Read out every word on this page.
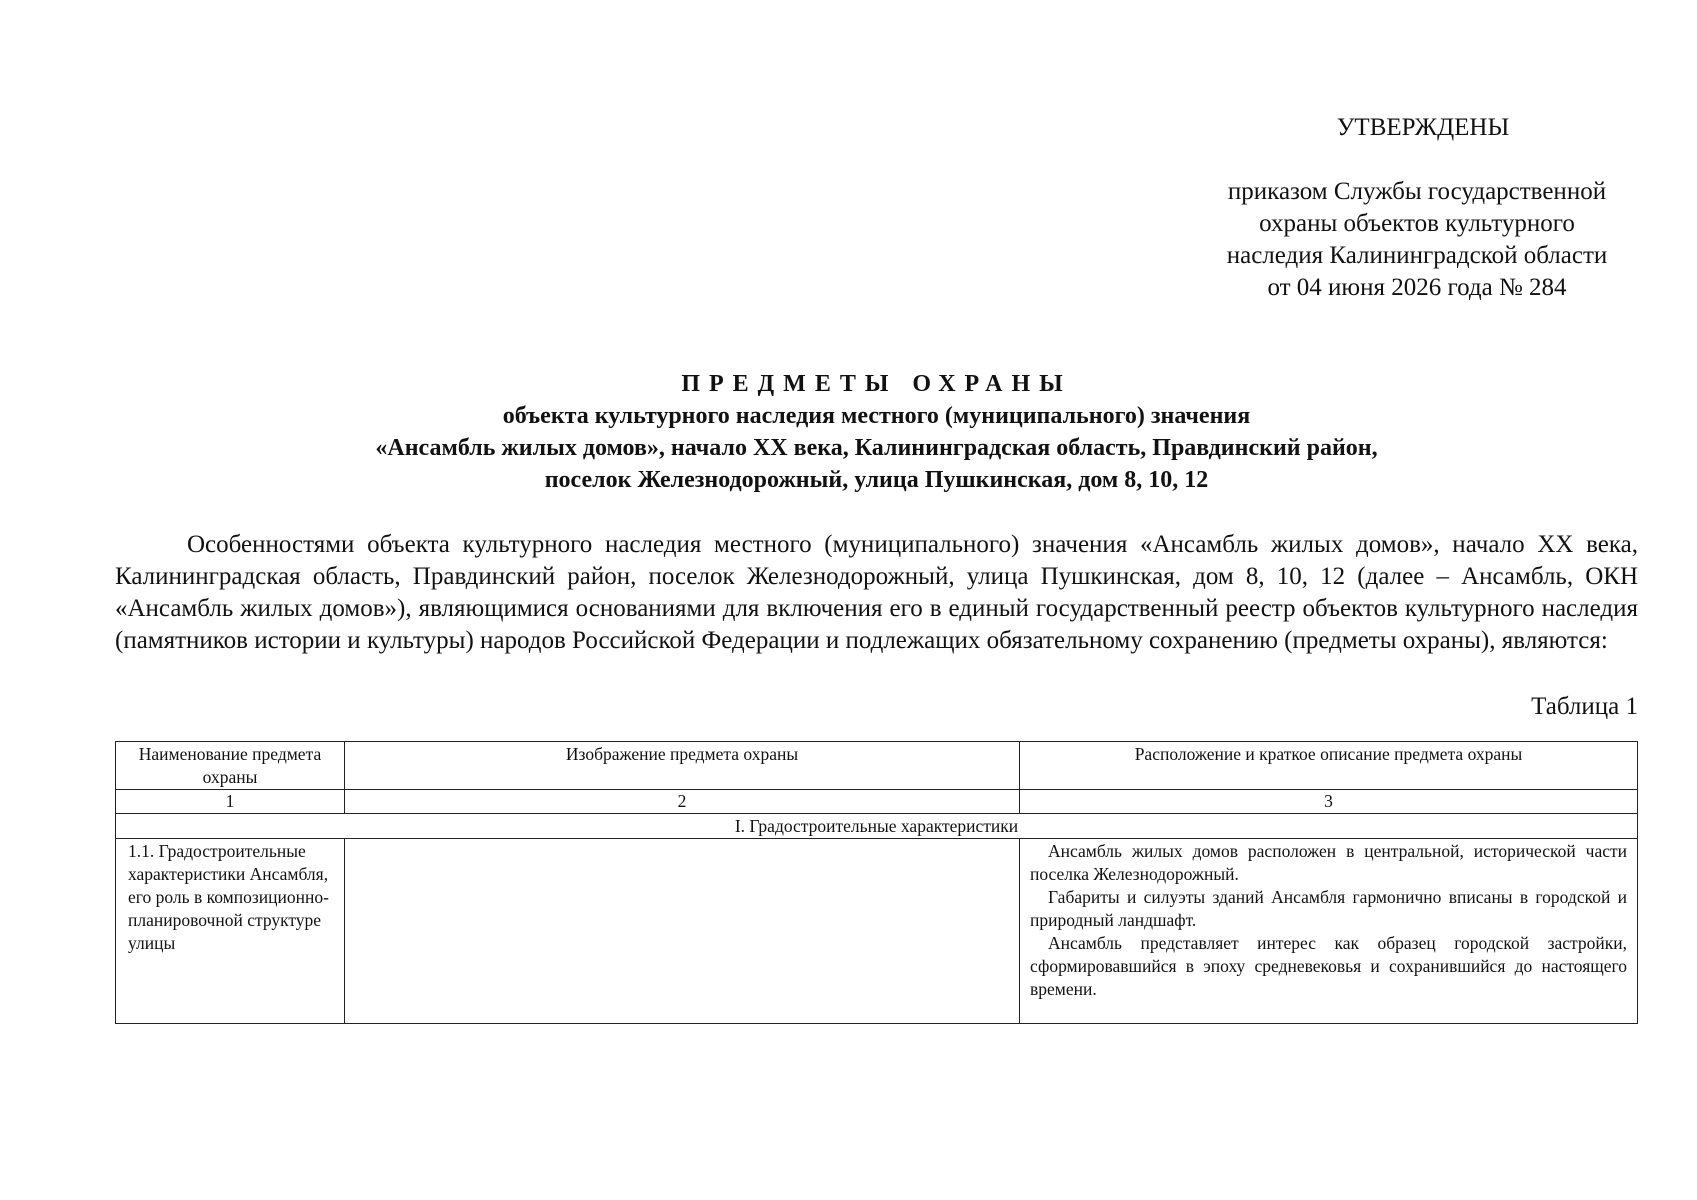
УТВЕРЖДЕНЫ
приказом Службы государственной
охраны объектов культурного
наследия Калининградской области
от 04 июня 2026 года № 284
ПРЕДМЕТЫ ОХРАНЫ
объекта культурного наследия местного (муниципального) значения
«Ансамбль жилых домов», начало XX века, Калининградская область, Правдинский район,
поселок Железнодорожный, улица Пушкинская, дом 8, 10, 12

Особенностями объекта культурного наследия местного (муниципального) значения «Ансамбль жилых домов», начало XX века, Калининградская область, Правдинский район, поселок Железнодорожный, улица Пушкинская, дом 8, 10, 12 (далее – Ансамбль, ОКН «Ансамбль жилых домов»), являющимися основаниями для включения его в единый государственный реестр объектов культурного наследия (памятников истории и культуры) народов Российской Федерации и подлежащих обязательному сохранению (предметы охраны), являются:

Таблица 1
Наименование предмета охраны	Изображение предмета охраны	Расположение и краткое описание предмета охраны
1	2	3
I. Градостроительные характеристики		
1.1. Градостроительные характеристики Ансамбля, его роль в композиционно-планировочной структуре улицы		Ансамбль жилых домов расположен в центральной, исторической части поселка Железнодорожный.

Габариты и силуэты зданий Ансамбля гармонично вписаны в городской и природный ландшафт.

Ансамбль представляет интерес как образец городской застройки, сформировавшийся в эпоху средневековья и сохранившийся до настоящего времени.
